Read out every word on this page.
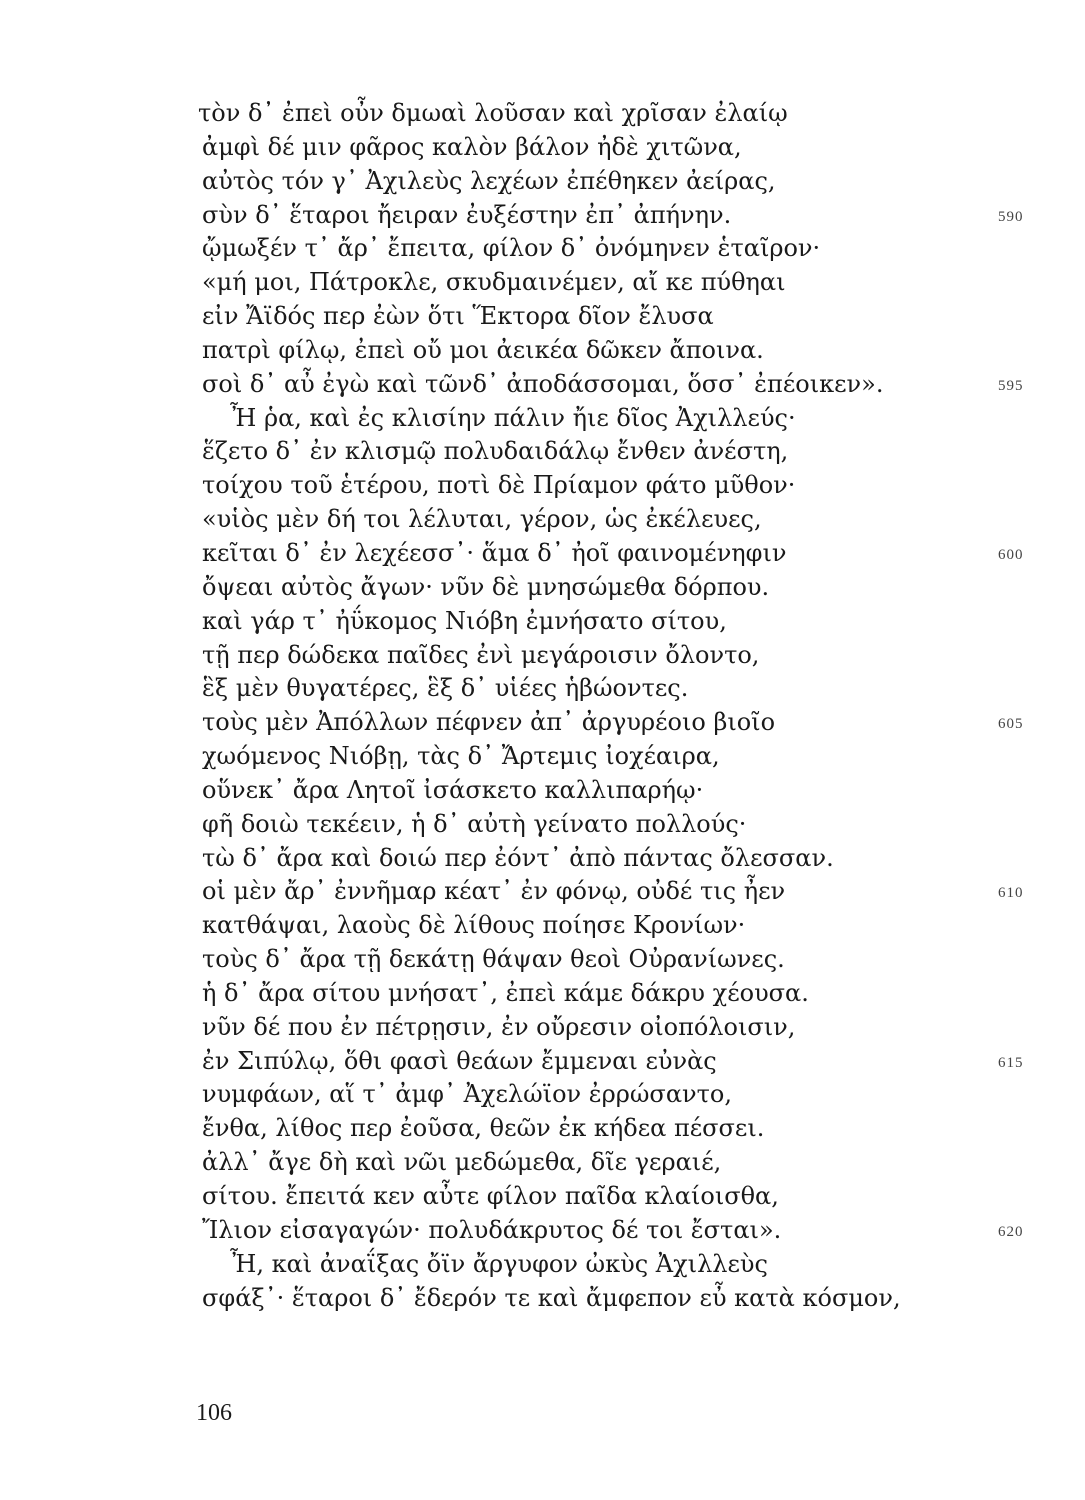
τὸν δ᾽ ἐπεὶ οὖν δμωαὶ λοῦσαν καὶ χρῖσαν ἐλαίῳ
ἀμφὶ δέ μιν φᾶρος καλὸν βάλον ἠδὲ χιτῶνα,
αὐτὸς τόν γ᾽ Ἀχιλεὺς λεχέων ἐπέθηκεν ἀείρας,
σὺν δ᾽ ἕταροι ἤειραν ἐυξέστην ἐπ᾽ ἀπήνην.	590
ᾤμωξέν τ᾽ ἄρ᾽ ἔπειτα, φίλον δ᾽ ὀνόμηνεν ἑταῖρον·
«μή μοι, Πάτροκλε, σκυδμαινέμεν, αἴ κε πύθηαι
εἰν Ἄϊδός περ ἐὼν ὅτι Ἕκτορα δῖον ἔλυσα
πατρὶ φίλῳ, ἐπεὶ οὔ μοι ἀεικέα δῶκεν ἄποινα.
σοὶ δ᾽ αὖ ἐγὼ καὶ τῶνδ᾽ ἀποδάσσομαι, ὅσσ᾽ ἐπέοικεν».	595
Ἦ ῥα, καὶ ἐς κλισίην πάλιν ἤιε δῖος Ἀχιλλεύς·
ἕζετο δ᾽ ἐν κλισμῷ πολυδαιδάλῳ ἔνθεν ἀνέστη,
τοίχου τοῦ ἑτέρου, ποτὶ δὲ Πρίαμον φάτο μῦθον·
«υἱὸς μὲν δή τοι λέλυται, γέρον, ὡς ἐκέλευες,
κεῖται δ᾽ ἐν λεχέεσσ᾽· ἅμα δ᾽ ἠοῖ φαινομένηφιν	600
ὄψεαι αὐτὸς ἄγων· νῦν δὲ μνησώμεθα δόρπου.
καὶ γάρ τ᾽ ἠΰκομος Νιόβη ἐμνήσατο σίτου,
τῇ περ δώδεκα παῖδες ἐνὶ μεγάροισιν ὄλοντο,
ἓξ μὲν θυγατέρες, ἓξ δ᾽ υἱέες ἡβώοντες.
τοὺς μὲν Ἀπόλλων πέφνεν ἀπ᾽ ἀργυρέοιο βιοῖο	605
χωόμενος Νιόβῃ, τὰς δ᾽ Ἄρτεμις ἰοχέαιρα,
οὕνεκ᾽ ἄρα Λητοῖ ἰσάσκετο καλλιπαρήῳ·
φῆ δοιὼ τεκέειν, ἡ δ᾽ αὐτὴ γείνατο πολλούς·
τὼ δ᾽ ἄρα καὶ δοιώ περ ἐόντ᾽ ἀπὸ πάντας ὄλεσσαν.
οἱ μὲν ἄρ᾽ ἐννῆμαρ κέατ᾽ ἐν φόνῳ, οὐδέ τις ἦεν	610
κατθάψαι, λαοὺς δὲ λίθους ποίησε Κρονίων·
τοὺς δ᾽ ἄρα τῇ δεκάτῃ θάψαν θεοὶ Οὐρανίωνες.
ἡ δ᾽ ἄρα σίτου μνήσατ᾽, ἐπεὶ κάμε δάκρυ χέουσα.
νῦν δέ που ἐν πέτρῃσιν, ἐν οὔρεσιν οἰοπόλοισιν,
ἐν Σιπύλῳ, ὅθι φασὶ θεάων ἔμμεναι εὐνὰς	615
νυμφάων, αἵ τ᾽ ἀμφ᾽ Ἀχελώϊον ἐρρώσαντο,
ἔνθα, λίθος περ ἐοῦσα, θεῶν ἐκ κήδεα πέσσει.
ἀλλ᾽ ἄγε δὴ καὶ νῶι μεδώμεθα, δῖε γεραιέ,
σίτου. ἔπειτά κεν αὖτε φίλον παῖδα κλαίοισθα,
Ἴλιον εἰσαγαγών· πολυδάκρυτος δέ τοι ἔσται».	620
Ἦ, καὶ ἀναΐξας ὄϊν ἄργυφον ὠκὺς Ἀχιλλεὺς
σφάξ᾽· ἕταροι δ᾽ ἔδερόν τε καὶ ἄμφεπον εὖ κατὰ κόσμον,
106
